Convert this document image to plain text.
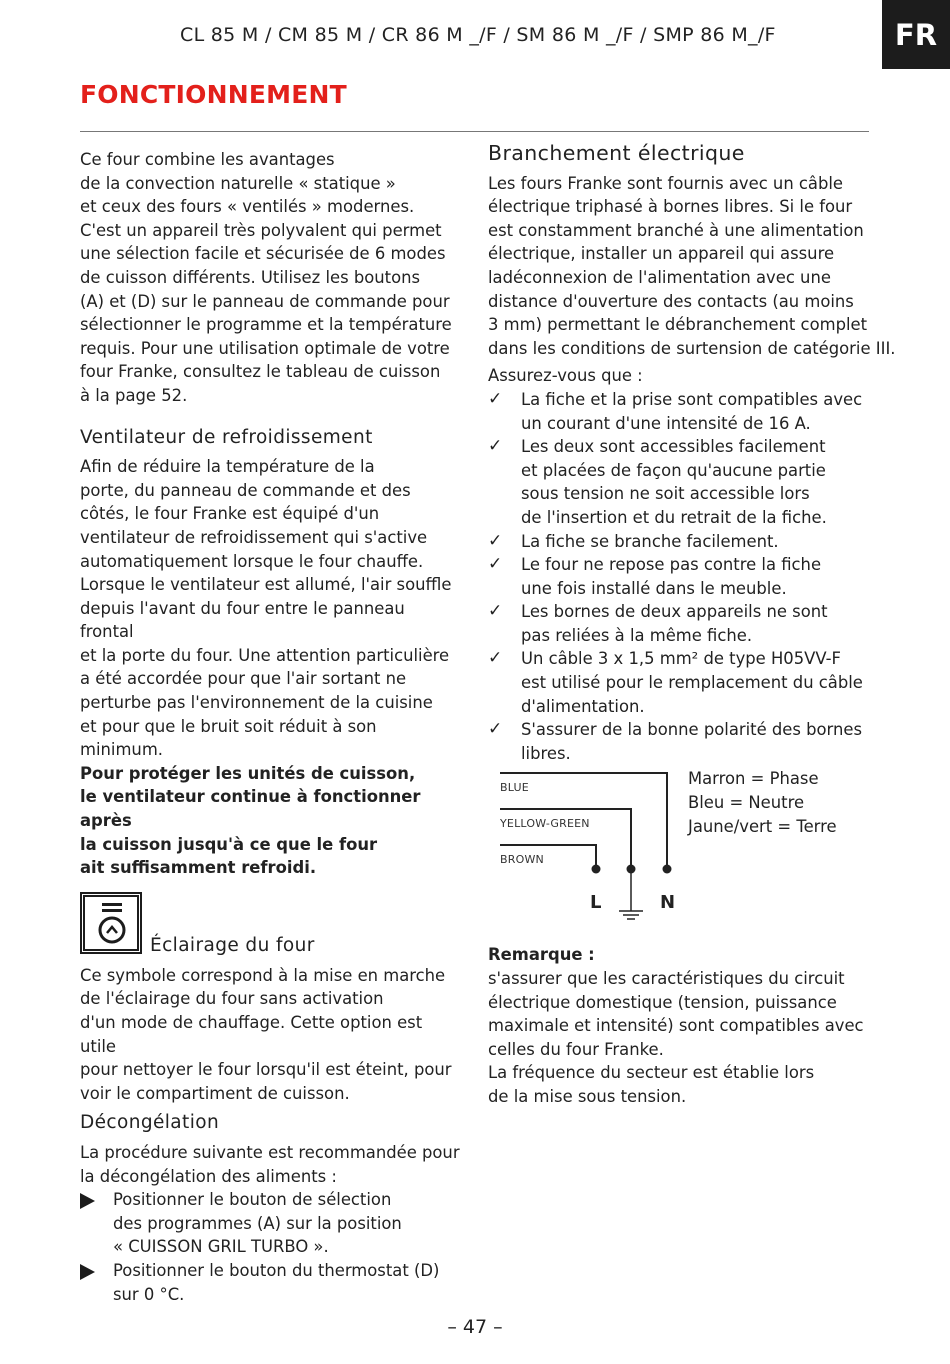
CL 85 M / CM 85 M / CR 86 M _/F / SM 86 M _/F / SMP 86 M_/F	FR
FONCTIONNEMENT

Ce four combine les avantages

de la convection naturelle « statique »

et ceux des fours « ventilés » modernes.

C'est un appareil très polyvalent qui permet

une sélection facile et sécurisée de 6 modes

de cuisson différents. Utilisez les boutons

(A) et (D) sur le panneau de commande pour

sélectionner le programme et la température

requis. Pour une utilisation optimale de votre

four Franke, consultez le tableau de cuisson

à la page 52.

Ventilateur de refroidissement

Afin de réduire la température de la

porte, du panneau de commande et des

côtés, le four Franke est équipé d'un

ventilateur de refroidissement qui s'active

automatiquement lorsque le four chauffe.

Lorsque le ventilateur est allumé, l'air souffle

depuis l'avant du four entre le panneau frontal

et la porte du four. Une attention particulière

a été accordée pour que l'air sortant ne

perturbe pas l'environnement de la cuisine

et pour que le bruit soit réduit à son minimum.

Pour protéger les unités de cuisson,

le ventilateur continue à fonctionner après

la cuisson jusqu'à ce que le four

ait suffisamment refroidi.

Éclairage du four

Ce symbole correspond à la mise en marche

de l'éclairage du four sans activation

d'un mode de chauffage. Cette option est utile

pour nettoyer le four lorsqu'il est éteint, pour

voir le compartiment de cuisson.

Décongélation

La procédure suivante est recommandée pour

la décongélation des aliments :

Positionner le bouton de sélection

des programmes (A) sur la position

« CUISSON GRIL TURBO ».

Positionner le bouton du thermostat (D)

sur 0 °C.

Branchement électrique

Les fours Franke sont fournis avec un câble

électrique triphasé à bornes libres. Si le four

est constamment branché à une alimentation

électrique, installer un appareil qui assure

ladéconnexion de l'alimentation avec une

distance d'ouverture des contacts (au moins

3 mm) permettant le débranchement complet

dans les conditions de surtension de catégorie III.

Assurez-vous que :

✓ La fiche et la prise sont compatibles avec

un courant d'une intensité de 16 A.

✓ Les deux sont accessibles facilement

et placées de façon qu'aucune partie

sous tension ne soit accessible lors

de l'insertion et du retrait de la fiche.

✓ La fiche se branche facilement.

✓ Le four ne repose pas contre la fiche

une fois installé dans le meuble.

✓ Les bornes de deux appareils ne sont

pas reliées à la même fiche.

✓ Un câble 3 x 1,5 mm² de type H05VV-F

est utilisé pour le remplacement du câble

d'alimentation.

✓ S'assurer de la bonne polarité des bornes

libres.

BLUE
YELLOW-GREEN
BROWN
L	N

Marron = Phase

Bleu = Neutre

Jaune/vert = Terre

Remarque :

s'assurer que les caractéristiques du circuit

électrique domestique (tension, puissance

maximale et intensité) sont compatibles avec

celles du four Franke.

La fréquence du secteur est établie lors

de la mise sous tension.

– 47 –
